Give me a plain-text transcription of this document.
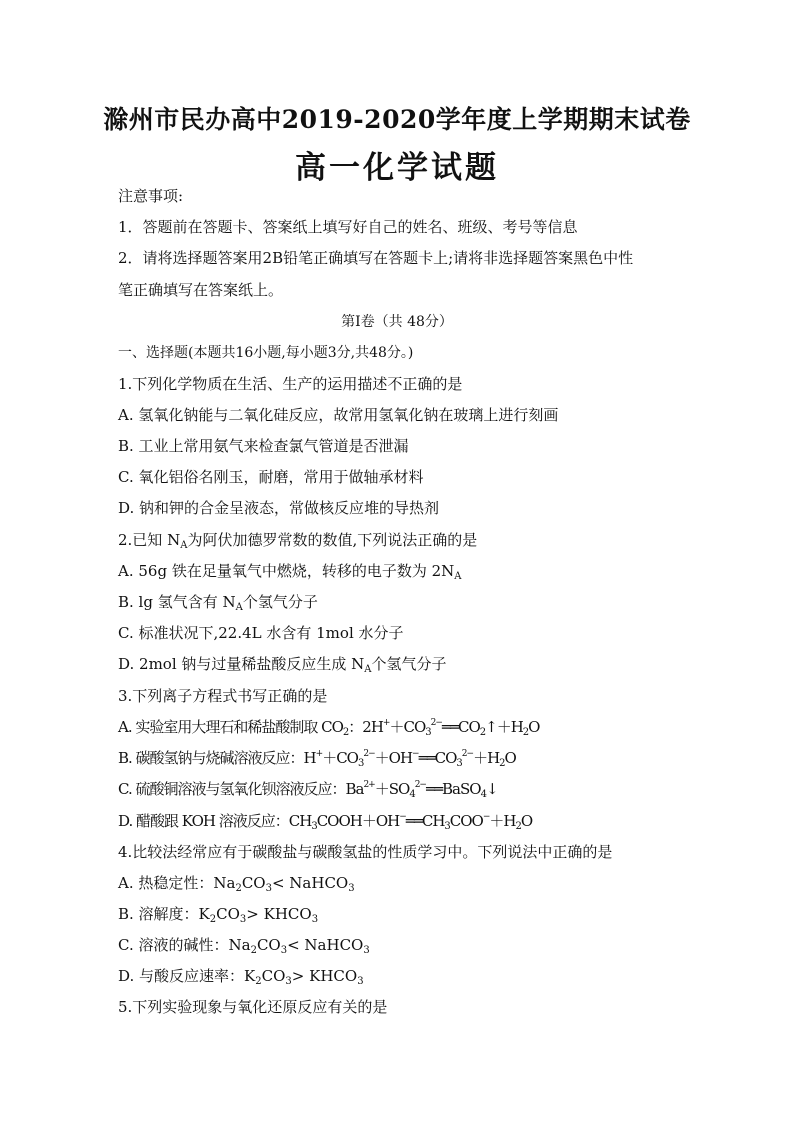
滁州市民办高中2019-2020学年度上学期期末试卷
高一化学试题
注意事项:
1．答题前在答题卡、答案纸上填写好自己的姓名、班级、考号等信息
2．请将选择题答案用2B铅笔正确填写在答题卡上;请将非选择题答案黑色中性
笔正确填写在答案纸上。
第I卷（共 48分）
一、选择题(本题共16小题,每小题3分,共48分。)
1.下列化学物质在生活、生产的运用描述不正确的是
A. 氢氧化钠能与二氧化硅反应，故常用氢氧化钠在玻璃上进行刻画
B. 工业上常用氨气来检查氯气管道是否泄漏
C. 氧化铝俗名刚玉，耐磨，常用于做轴承材料
D. 钠和钾的合金呈液态，常做核反应堆的导热剂
2.已知 $N_A$为阿伏加德罗常数的数值,下列说法正确的是
A. 56g 铁在足量氧气中燃烧，转移的电子数为 $2N_A$
B. lg 氢气含有 $N_A$个氢气分子
C. 标准状况下,22.4L 水含有 1mol 水分子
D. 2mol 钠与过量稀盐酸反应生成 $N_A$个氢气分子
3.下列离子方程式书写正确的是
A. 实验室用大理石和稀盐酸制取 $CO_2$：$2H^++CO_3^{2-}══CO_2↑+H_2O$
B. 碳酸氢钠与烧碱溶液反应：$H^++CO_3^{2-}+OH^-══CO_3^{2-}+H_2O$
C. 硫酸铜溶液与氢氧化钡溶液反应：$Ba^{2+}+SO_4^{2-}══BaSO_4↓$
D. 醋酸跟 KOH 溶液反应：$CH_3COOH+OH^-══CH_3COO^-+H_2O$
4.比较法经常应有于碳酸盐与碳酸氢盐的性质学习中。下列说法中正确的是
A. 热稳定性：$Na_2CO_3<$ NaHCO$_3$
B. 溶解度：$K_2CO_3>$ $KHCO_3$
C. 溶液的碱性：$Na_2CO_3<$ NaHCO$_3$
D. 与酸反应速率：$K_2CO_3>$ $KHCO_3$
5.下列实验现象与氧化还原反应有关的是
